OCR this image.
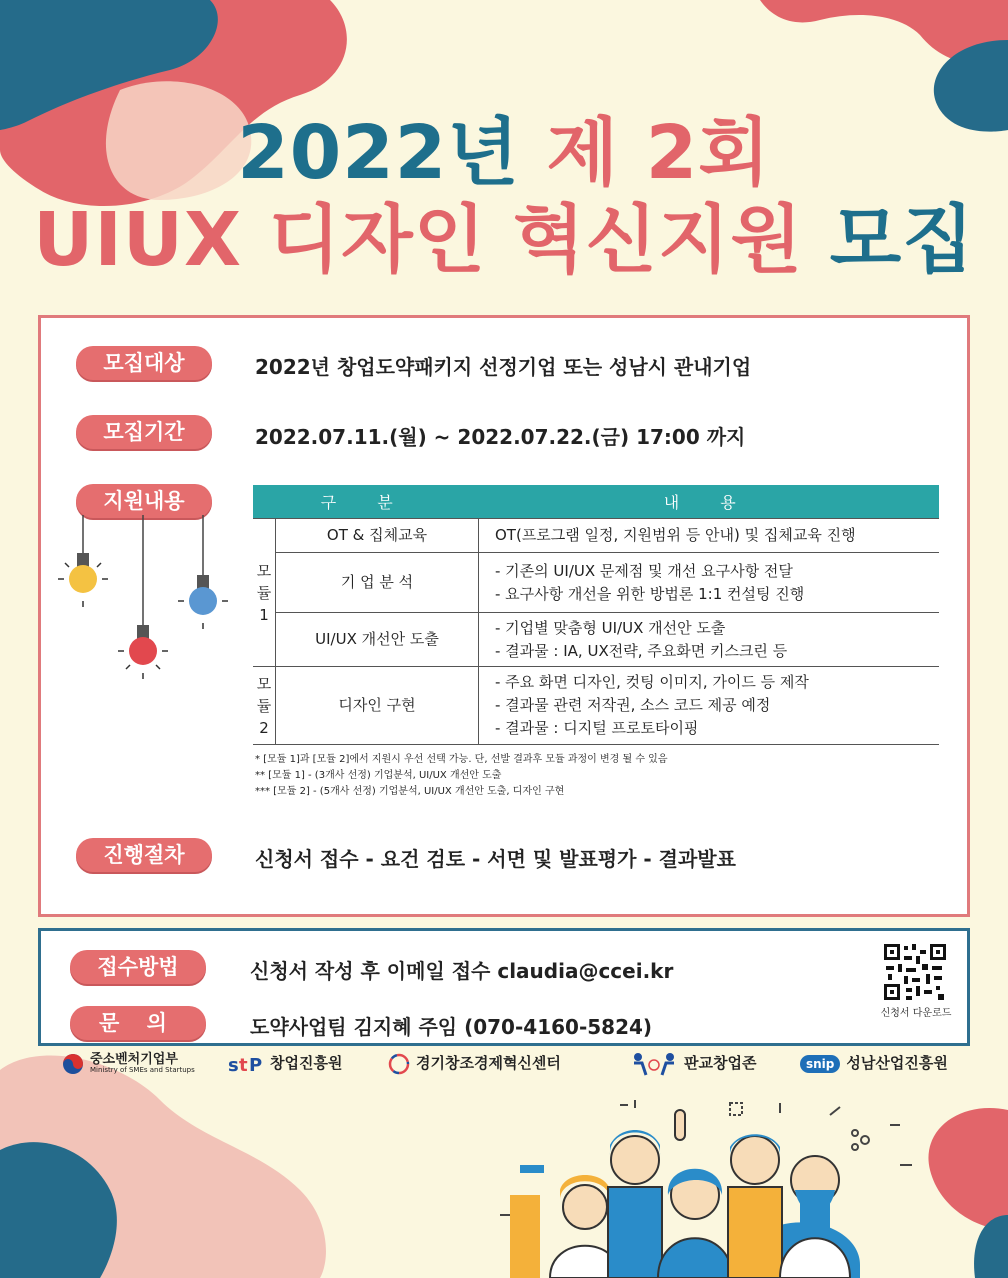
2022년 제 2회
UIUX 디자인 혁신지원 모집
모집대상	2022년 창업도약패키지 선정기업 또는 성남시 관내기업
모집기간	2022.07.11.(월) ~ 2022.07.22.(금) 17:00 까지
지원내용	구 분		내 용
모듈1	OT & 집체교육	OT(프로그램 일정, 지원범위 등 안내) 및 집체교육 진행

	기 업 분 석	- 기존의 UI/UX 문제점 및 개선 요구사항 전달
- 요구사항 개선을 위한 방법론 1:1 컨설팅 진행

	UI/UX 개선안 도출	- 기업별 맞춤형 UI/UX 개선안 도출
- 결과물 : IA, UX전략, 주요화면 키스크린 등

모듈2	디자인 구현	- 주요 화면 디자인, 컷팅 이미지, 가이드 등 제작
- 결과물 관련 저작권, 소스 코드 제공 예정
- 결과물 : 디지털 프로토타이핑
* [모듈 1]과 [모듈 2]에서 지원시 우선 선택 가능. 단, 선발 결과후 모듈 과정이 변경 될 수 있음
** [모듈 1] - (3개사 선정) 기업분석, UI/UX 개선안 도출
*** [모듈 2] - (5개사 선정) 기업분석, UI/UX 개선안 도출, 디자인 구현
진행절차	신청서 접수 - 요건 검토 - 서면 및 발표평가 - 결과발표
접수방법	신청서 작성 후 이메일 접수 claudia@ccei.kr
문 의	도약사업팀 김지혜 주임 (070-4160-5824)
신청서 다운로드
중소벤처기업부
Ministry of SMEs and Startups s t P 창업진흥원	경기창조경제혁신센터	판교창업존	snip 성남산업진흥원
